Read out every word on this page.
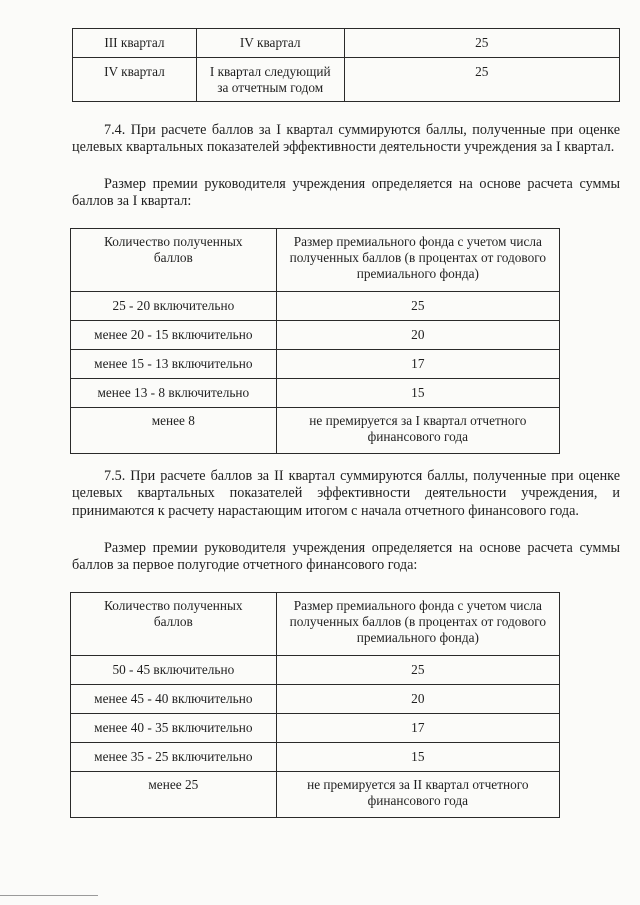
III квартал	IV квартал	25
IV квартал	I квартал следующий за отчетным годом	25

7.4. При расчете баллов за I квартал суммируются баллы, полученные при оценке целевых квартальных показателей эффективности деятельности учреждения за I квартал.

Размер премии руководителя учреждения определяется на основе расчета суммы баллов за I квартал:

Количество полученных баллов	Размер премиального фонда с учетом числа полученных баллов (в процентах от годового премиального фонда)
25 - 20 включительно	25
менее 20 - 15 включительно	20
менее 15 - 13 включительно	17
менее 13 - 8 включительно	15
менее 8	не премируется за I квартал отчетного финансового года

7.5. При расчете баллов за II квартал суммируются баллы, полученные при оценке целевых квартальных показателей эффективности деятельности учреждения, и принимаются к расчету нарастающим итогом с начала отчетного финансового года.

Размер премии руководителя учреждения определяется на основе расчета суммы баллов за первое полугодие отчетного финансового года:

Количество полученных баллов	Размер премиального фонда с учетом числа полученных баллов (в процентах от годового премиального фонда)
50 - 45 включительно	25
менее 45 - 40 включительно	20
менее 40 - 35 включительно	17
менее 35 - 25 включительно	15
менее 25	не премируется за II квартал отчетного финансового года
